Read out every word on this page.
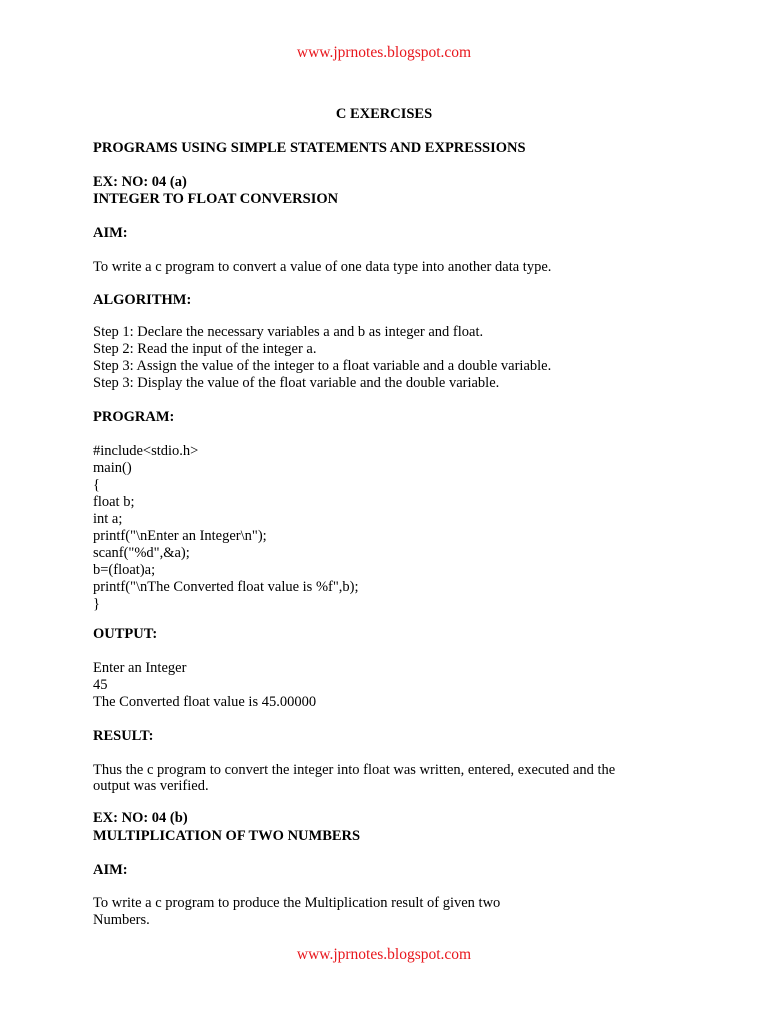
www.jprnotes.blogspot.com
C EXERCISES
PROGRAMS USING SIMPLE STATEMENTS AND EXPRESSIONS
EX: NO: 04 (a)
INTEGER TO FLOAT CONVERSION
AIM:
To write a c program to convert a value of one data type into another data type.
ALGORITHM:
Step 1: Declare the necessary variables a and b as integer and float.
Step 2: Read the input of the integer a.
Step 3: Assign the value of the integer to a float variable and a double variable.
Step 3: Display the value of the float variable and the double variable.
PROGRAM:
#include<stdio.h>
main()
{
float b;
int a;
printf("\nEnter an Integer\n");
scanf("%d",&a);
b=(float)a;
printf("\nThe Converted float value is %f",b);
}
OUTPUT:
Enter an Integer
45
The Converted float value is 45.00000
RESULT:
Thus the c program to convert the integer into float was written, entered, executed and the
output was verified.
EX: NO: 04 (b)
MULTIPLICATION OF TWO NUMBERS
AIM:
To write a c program to produce the Multiplication result of given two
Numbers.
www.jprnotes.blogspot.com
